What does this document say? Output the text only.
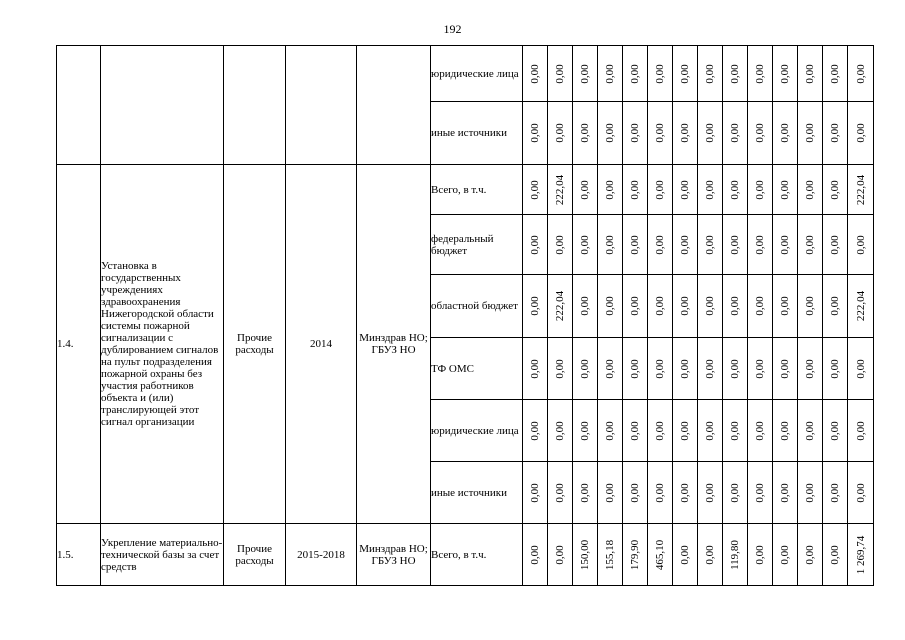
192
					юридические лица	0,00	0,00	0,00	0,00	0,00	0,00	0,00	0,00	0,00	0,00	0,00	0,00	0,00	0,00

					иные источники	0,00	0,00	0,00	0,00	0,00	0,00	0,00	0,00	0,00	0,00	0,00	0,00	0,00	0,00

1.4.	Установка в государственных учреждениях здравоохранения Нижегородской области системы пожарной сигнализации с дублированием сигналов на пульт подразделения пожарной охраны без участия работников объекта и (или) транслирующей этот сигнал организации	Прочие расходы	2014	Минздрав НО; ГБУЗ НО	Всего, в т.ч.	0,00	222,04	0,00	0,00	0,00	0,00	0,00	0,00	0,00	0,00	0,00	0,00	0,00	222,04

					федеральный бюджет	0,00	0,00	0,00	0,00	0,00	0,00	0,00	0,00	0,00	0,00	0,00	0,00	0,00	0,00

					областной бюджет	0,00	222,04	0,00	0,00	0,00	0,00	0,00	0,00	0,00	0,00	0,00	0,00	0,00	222,04

					ТФ ОМС	0,00	0,00	0,00	0,00	0,00	0,00	0,00	0,00	0,00	0,00	0,00	0,00	0,00	0,00

					юридические лица	0,00	0,00	0,00	0,00	0,00	0,00	0,00	0,00	0,00	0,00	0,00	0,00	0,00	0,00

					иные источники	0,00	0,00	0,00	0,00	0,00	0,00	0,00	0,00	0,00	0,00	0,00	0,00	0,00	0,00

1.5.	Укрепление материально-технической базы за счет средств	Прочие расходы	2015-2018	Минздрав НО; ГБУЗ НО	Всего, в т.ч.	0,00	0,00	150,00	155,18	179,90	465,10	0,00	0,00	119,80	0,00	0,00	0,00	0,00	1 269,74
